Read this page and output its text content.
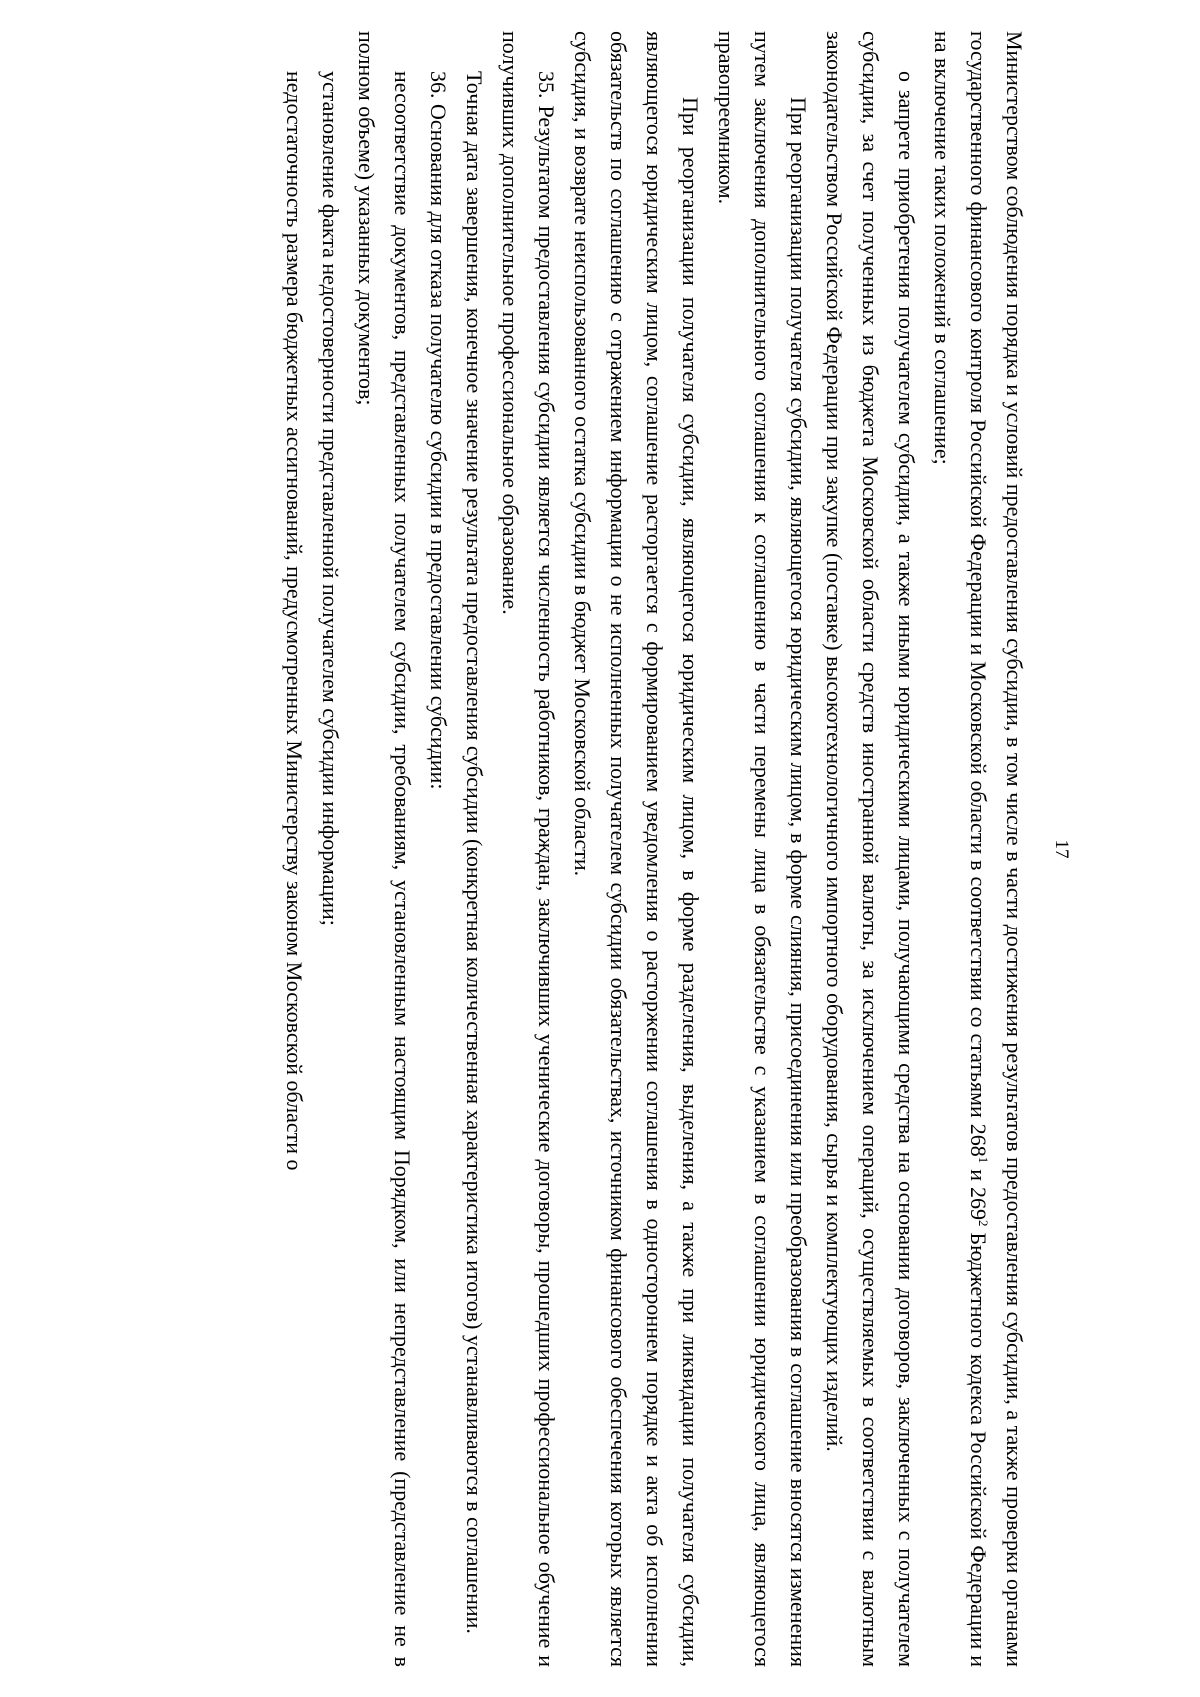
17

Министерством соблюдения порядка и условий предоставления субсидии, в том числе в части достижения результатов предоставления субсидии, а также проверки органами государственного финансового контроля Российской Федерации и Московской области в соответствии со статьями $268^1$ и $269^2$ Бюджетного кодекса Российской Федерации и на включение таких положений в соглашение;

о запрете приобретения получателем субсидии, а также иными юридическими лицами, получающими средства на основании договоров, заключенных с получателем субсидии, за счет полученных из бюджета Московской области средств иностранной валюты, за исключением операций, осуществляемых в соответствии с валютным законодательством Российской Федерации при закупке (поставке) высокотехнологичного импортного оборудования, сырья и комплектующих изделий.

При реорганизации получателя субсидии, являющегося юридическим лицом, в форме слияния, присоединения или преобразования в соглашение вносятся изменения путем заключения дополнительного соглашения к соглашению в части перемены лица в обязательстве с указанием в соглашении юридического лица, являющегося правопреемником.

При реорганизации получателя субсидии, являющегося юридическим лицом, в форме разделения, выделения, а также при ликвидации получателя субсидии, являющегося юридическим лицом, соглашение расторгается с формированием уведомления о расторжении соглашения в одностороннем порядке и акта об исполнении обязательств по соглашению с отражением информации о не исполненных получателем субсидии обязательствах, источником финансового обеспечения которых является субсидия, и возврате неиспользованного остатка субсидии в бюджет Московской области.

35. Результатом предоставления субсидии является численность работников, граждан, заключивших ученические договоры, прошедших профессиональное обучение и получивших дополнительное профессиональное образование.

Точная дата завершения, конечное значение результата предоставления субсидии (конкретная количественная характеристика итогов) устанавливаются в соглашении.

36. Основания для отказа получателю субсидии в предоставлении субсидии:

несоответствие документов, представленных получателем субсидии, требованиям, установленным настоящим Порядком, или непредставление (представление не в полном объеме) указанных документов;

установление факта недостоверности представленной получателем субсидии информации;

недостаточность размера бюджетных ассигнований, предусмотренных Министерству законом Московской области о
